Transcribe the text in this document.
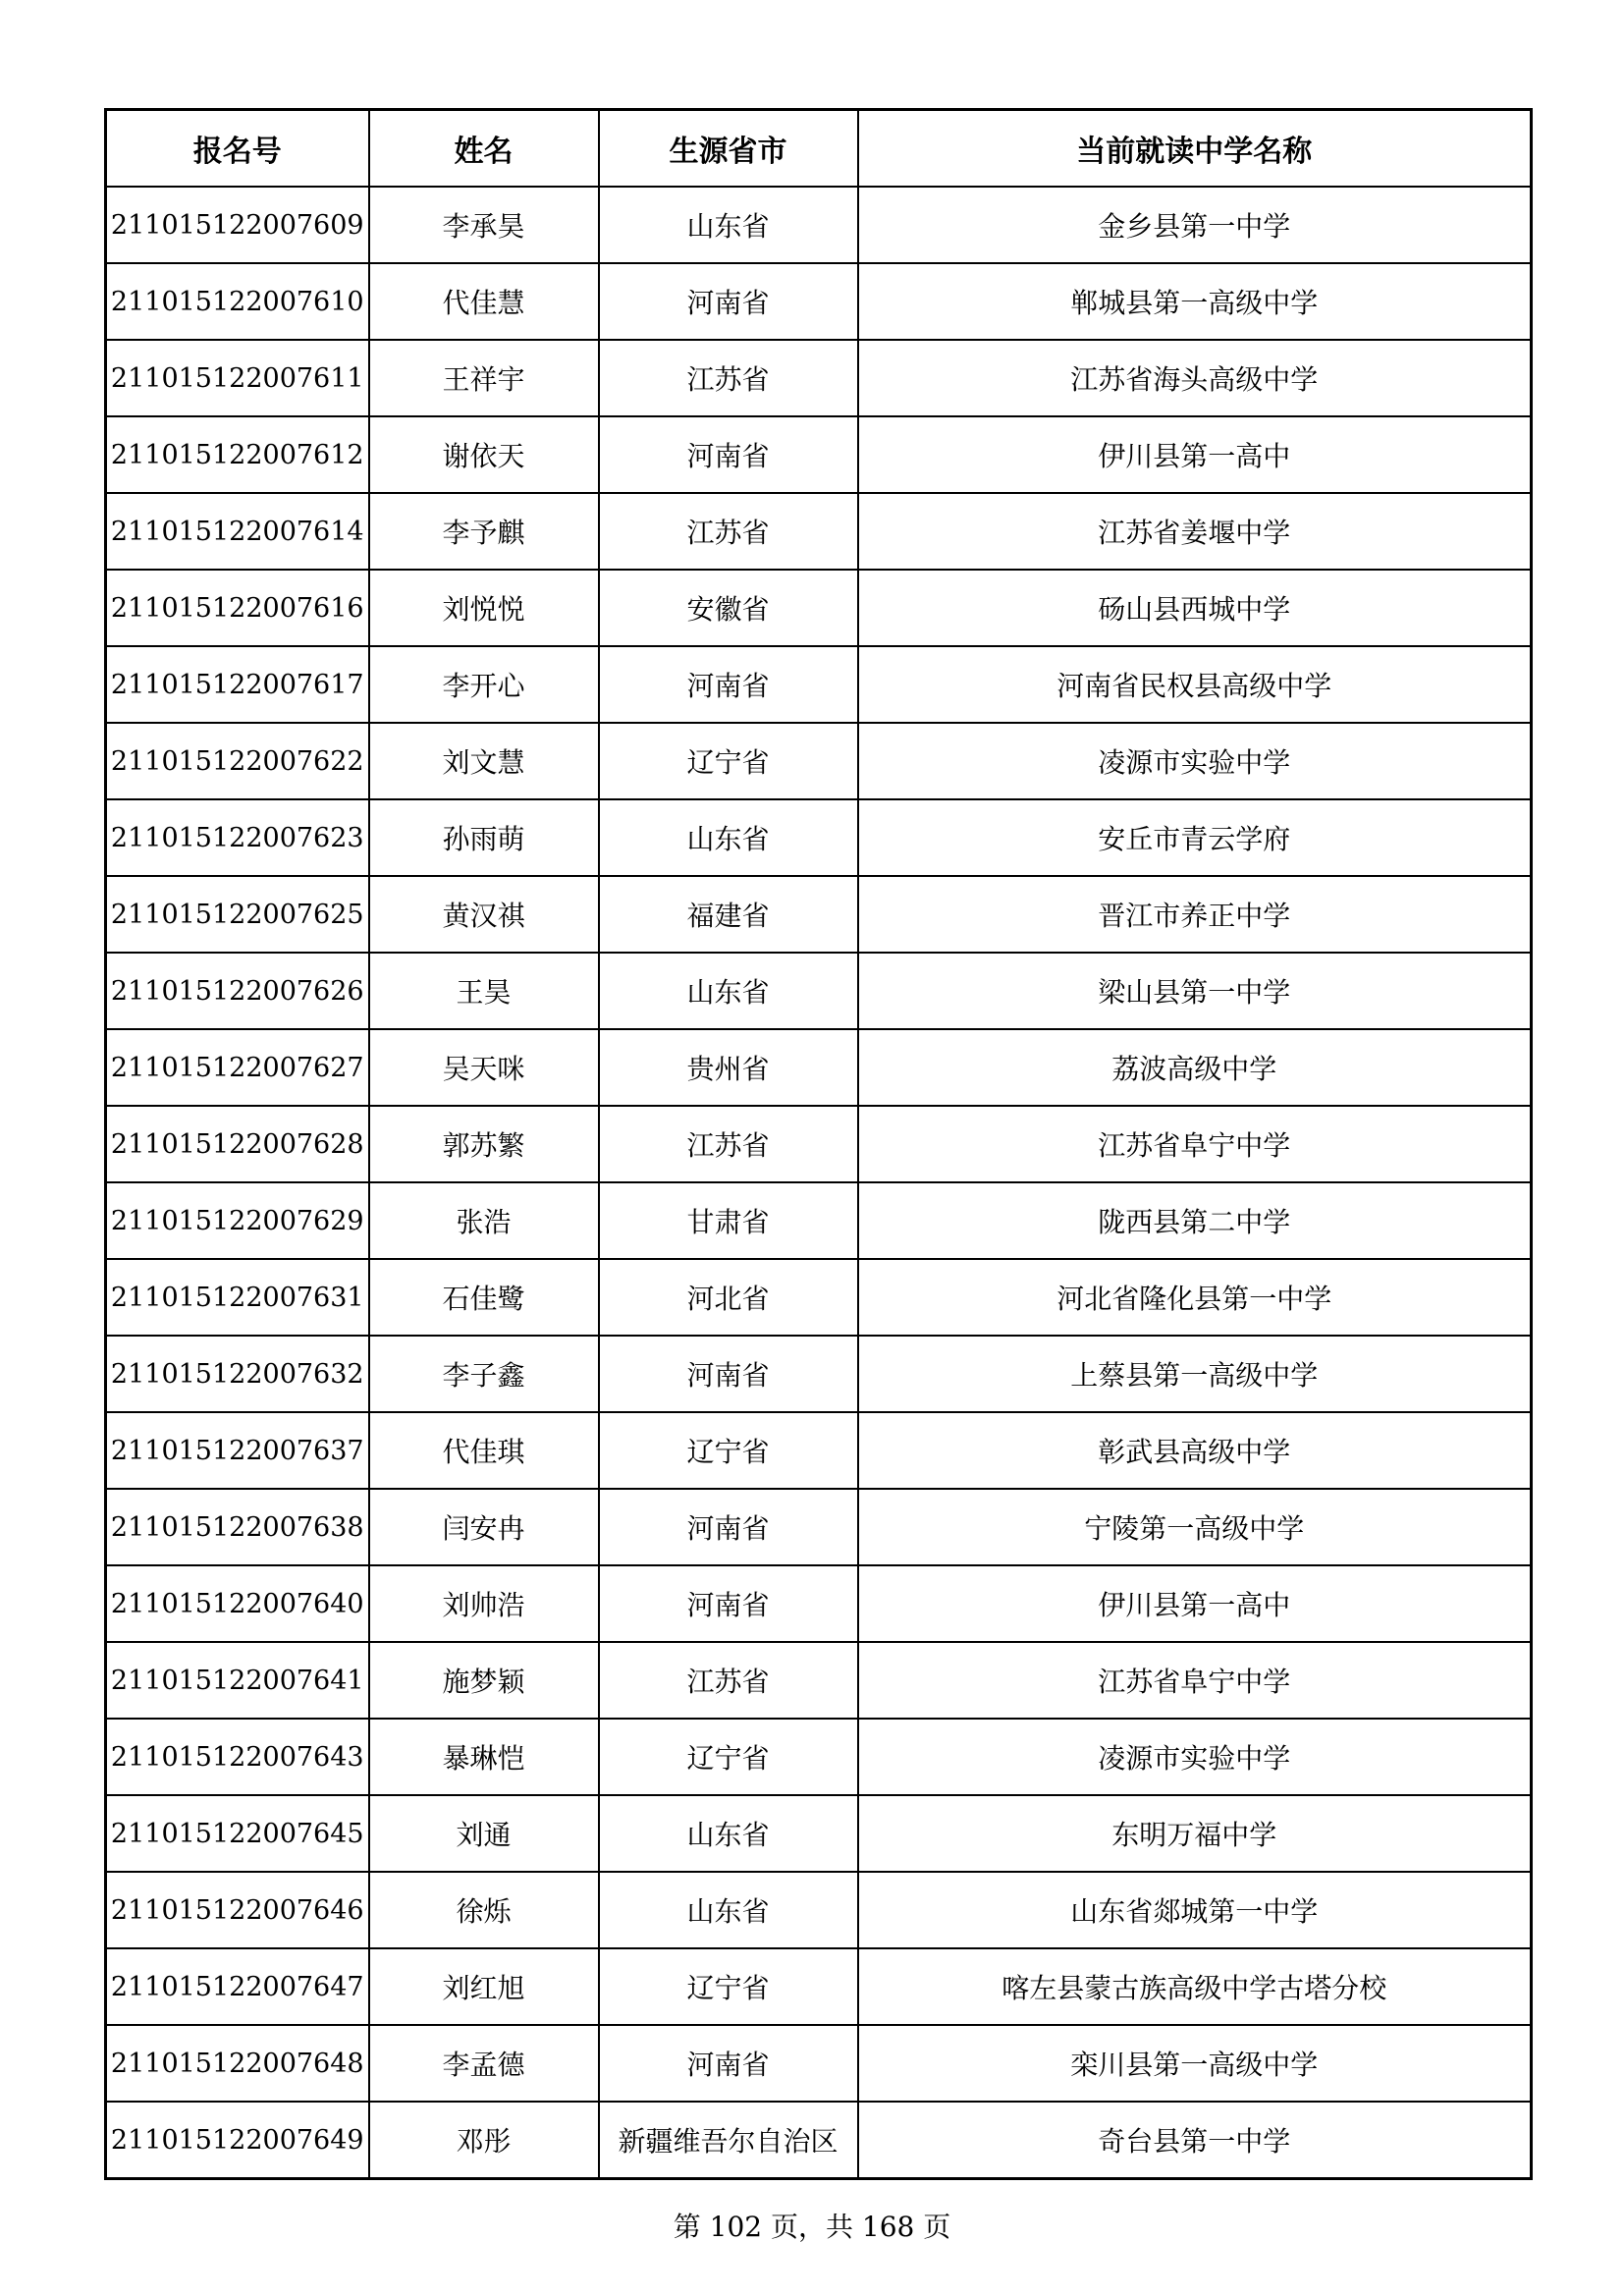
报名号	姓名	生源省市	当前就读中学名称
211015122007609	李承昊	山东省	金乡县第一中学
211015122007610	代佳慧	河南省	郸城县第一高级中学
211015122007611	王祥宇	江苏省	江苏省海头高级中学
211015122007612	谢依天	河南省	伊川县第一高中
211015122007614	李予麒	江苏省	江苏省姜堰中学
211015122007616	刘悦悦	安徽省	砀山县西城中学
211015122007617	李开心	河南省	河南省民权县高级中学
211015122007622	刘文慧	辽宁省	凌源市实验中学
211015122007623	孙雨萌	山东省	安丘市青云学府
211015122007625	黄汉祺	福建省	晋江市养正中学
211015122007626	王昊	山东省	梁山县第一中学
211015122007627	吴天咪	贵州省	荔波高级中学
211015122007628	郭苏繁	江苏省	江苏省阜宁中学
211015122007629	张浩	甘肃省	陇西县第二中学
211015122007631	石佳鹭	河北省	河北省隆化县第一中学
211015122007632	李子鑫	河南省	上蔡县第一高级中学
211015122007637	代佳琪	辽宁省	彰武县高级中学
211015122007638	闫安冉	河南省	宁陵第一高级中学
211015122007640	刘帅浩	河南省	伊川县第一高中
211015122007641	施梦颖	江苏省	江苏省阜宁中学
211015122007643	暴琳恺	辽宁省	凌源市实验中学
211015122007645	刘通	山东省	东明万福中学
211015122007646	徐烁	山东省	山东省郯城第一中学
211015122007647	刘红旭	辽宁省	喀左县蒙古族高级中学古塔分校
211015122007648	李孟德	河南省	栾川县第一高级中学
211015122007649	邓彤	新疆维吾尔自治区	奇台县第一中学
第 102 页，共 168 页
